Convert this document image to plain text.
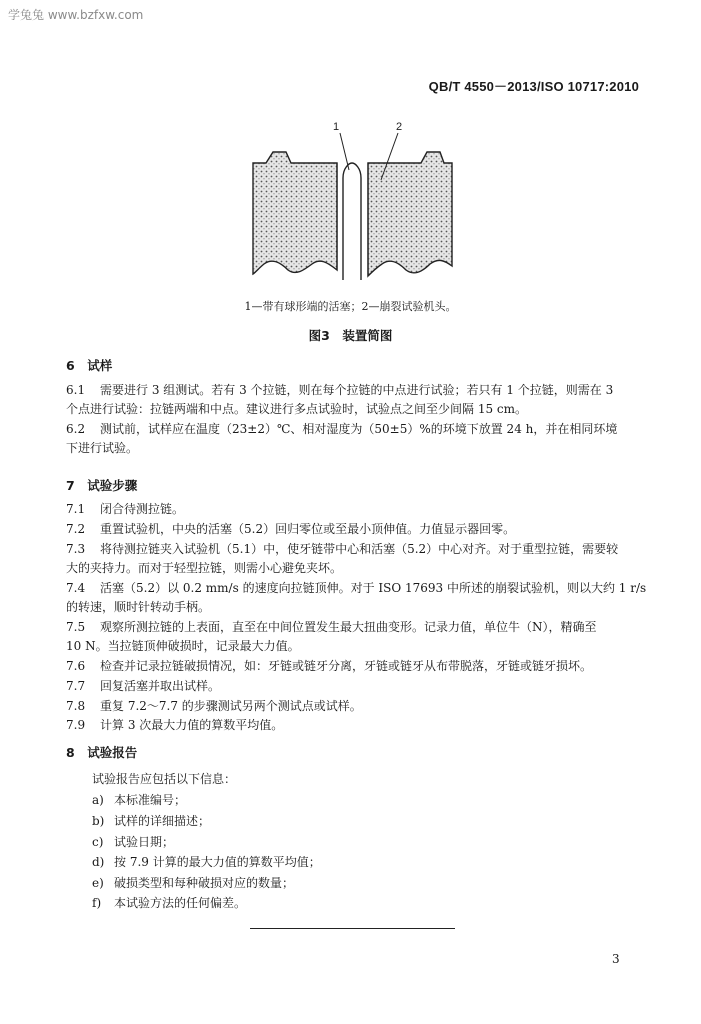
学兔兔 www.bzfxw.com
QB/T 4550－2013/ISO 10717:2010
1	2
1—带有球形端的活塞；2—崩裂试验机头。
图3　装置简图
6　试样
6.1 需要进行 3 组测试。若有 3 个拉链，则在每个拉链的中点进行试验；若只有 1 个拉链，则需在 3
个点进行试验：拉链两端和中点。建议进行多点试验时，试验点之间至少间隔 15 cm。
6.2 测试前，试样应在温度（23±2）℃、相对湿度为（50±5）%的环境下放置 24 h，并在相同环境
下进行试验。
7　试验步骤
7.1 闭合待测拉链。
7.2 重置试验机，中央的活塞（5.2）回归零位或至最小顶伸值。力值显示器回零。
7.3 将待测拉链夹入试验机（5.1）中，使牙链带中心和活塞（5.2）中心对齐。对于重型拉链，需要较
大的夹持力。而对于轻型拉链，则需小心避免夹坏。
7.4 活塞（5.2）以 0.2 mm/s 的速度向拉链顶伸。对于 ISO 17693 中所述的崩裂试验机，则以大约 1 r/s
的转速，顺时针转动手柄。
7.5 观察所测拉链的上表面，直至在中间位置发生最大扭曲变形。记录力值，单位牛（N），精确至
10 N。当拉链顶伸破损时，记录最大力值。
7.6 检查并记录拉链破损情况，如：牙链或链牙分离，牙链或链牙从布带脱落，牙链或链牙损坏。
7.7 回复活塞并取出试样。
7.8 重复 7.2～7.7 的步骤测试另两个测试点或试样。
7.9 计算 3 次最大力值的算数平均值。
8　试验报告
试验报告应包括以下信息：
a) 本标准编号；
b) 试样的详细描述；
c) 试验日期；
d) 按 7.9 计算的最大力值的算数平均值；
e) 破损类型和每种破损对应的数量；
f) 本试验方法的任何偏差。
3
